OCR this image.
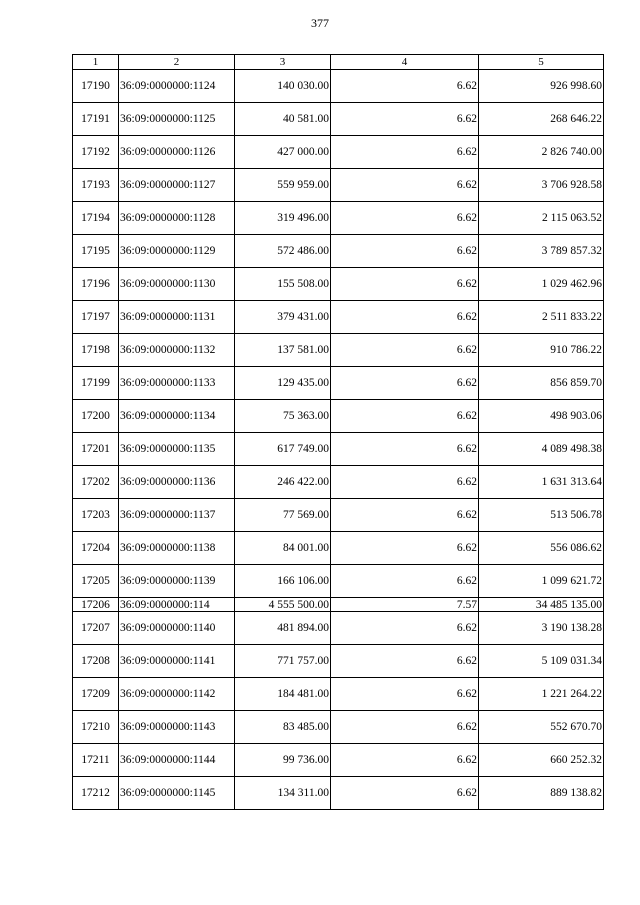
377
1	2	3	4	5
17190	36:09:0000000:1124	140 030.00	6.62	926 998.60
17191	36:09:0000000:1125	40 581.00	6.62	268 646.22
17192	36:09:0000000:1126	427 000.00	6.62	2 826 740.00
17193	36:09:0000000:1127	559 959.00	6.62	3 706 928.58
17194	36:09:0000000:1128	319 496.00	6.62	2 115 063.52
17195	36:09:0000000:1129	572 486.00	6.62	3 789 857.32
17196	36:09:0000000:1130	155 508.00	6.62	1 029 462.96
17197	36:09:0000000:1131	379 431.00	6.62	2 511 833.22
17198	36:09:0000000:1132	137 581.00	6.62	910 786.22
17199	36:09:0000000:1133	129 435.00	6.62	856 859.70
17200	36:09:0000000:1134	75 363.00	6.62	498 903.06
17201	36:09:0000000:1135	617 749.00	6.62	4 089 498.38
17202	36:09:0000000:1136	246 422.00	6.62	1 631 313.64
17203	36:09:0000000:1137	77 569.00	6.62	513 506.78
17204	36:09:0000000:1138	84 001.00	6.62	556 086.62
17205	36:09:0000000:1139	166 106.00	6.62	1 099 621.72
17206	36:09:0000000:114	4 555 500.00	7.57	34 485 135.00
17207	36:09:0000000:1140	481 894.00	6.62	3 190 138.28
17208	36:09:0000000:1141	771 757.00	6.62	5 109 031.34
17209	36:09:0000000:1142	184 481.00	6.62	1 221 264.22
17210	36:09:0000000:1143	83 485.00	6.62	552 670.70
17211	36:09:0000000:1144	99 736.00	6.62	660 252.32
17212	36:09:0000000:1145	134 311.00	6.62	889 138.82
